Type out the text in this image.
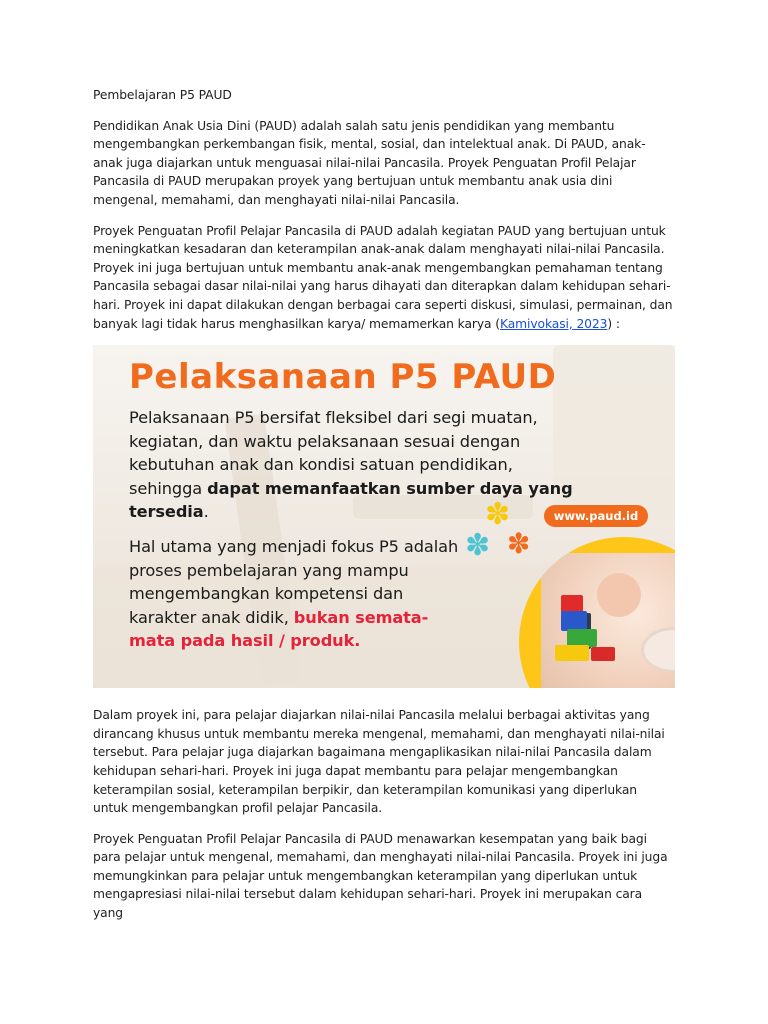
Pembelajaran P5 PAUD

Pendidikan Anak Usia Dini (PAUD) adalah salah satu jenis pendidikan yang membantu mengembangkan perkembangan fisik, mental, sosial, dan intelektual anak. Di PAUD, anak-anak juga diajarkan untuk menguasai nilai-nilai Pancasila. Proyek Penguatan Profil Pelajar Pancasila di PAUD merupakan proyek yang bertujuan untuk membantu anak usia dini mengenal, memahami, dan menghayati nilai-nilai Pancasila.

Proyek Penguatan Profil Pelajar Pancasila di PAUD adalah kegiatan PAUD yang bertujuan untuk meningkatkan kesadaran dan keterampilan anak-anak dalam menghayati nilai-nilai Pancasila. Proyek ini juga bertujuan untuk membantu anak-anak mengembangkan pemahaman tentang Pancasila sebagai dasar nilai-nilai yang harus dihayati dan diterapkan dalam kehidupan sehari-hari. Proyek ini dapat dilakukan dengan berbagai cara seperti diskusi, simulasi, permainan, dan banyak lagi tidak harus menghasilkan karya/ memamerkan karya (Kamivokasi, 2023) :

Pelaksanaan P5 PAUD
Pelaksanaan P5 bersifat fleksibel dari segi muatan, kegiatan, dan waktu pelaksanaan sesuai dengan kebutuhan anak dan kondisi satuan pendidikan, sehingga dapat memanfaatkan sumber daya yang tersedia.	✽
✽ ✽
www.paud.id
Hal utama yang menjadi fokus P5 adalah proses pembelajaran yang mampu mengembangkan kompetensi dan karakter anak didik, bukan semata-mata pada hasil / produk.

Dalam proyek ini, para pelajar diajarkan nilai-nilai Pancasila melalui berbagai aktivitas yang dirancang khusus untuk membantu mereka mengenal, memahami, dan menghayati nilai-nilai tersebut. Para pelajar juga diajarkan bagaimana mengaplikasikan nilai-nilai Pancasila dalam kehidupan sehari-hari. Proyek ini juga dapat membantu para pelajar mengembangkan keterampilan sosial, keterampilan berpikir, dan keterampilan komunikasi yang diperlukan untuk mengembangkan profil pelajar Pancasila.

Proyek Penguatan Profil Pelajar Pancasila di PAUD menawarkan kesempatan yang baik bagi para pelajar untuk mengenal, memahami, dan menghayati nilai-nilai Pancasila. Proyek ini juga memungkinkan para pelajar untuk mengembangkan keterampilan yang diperlukan untuk mengapresiasi nilai-nilai tersebut dalam kehidupan sehari-hari. Proyek ini merupakan cara yang
